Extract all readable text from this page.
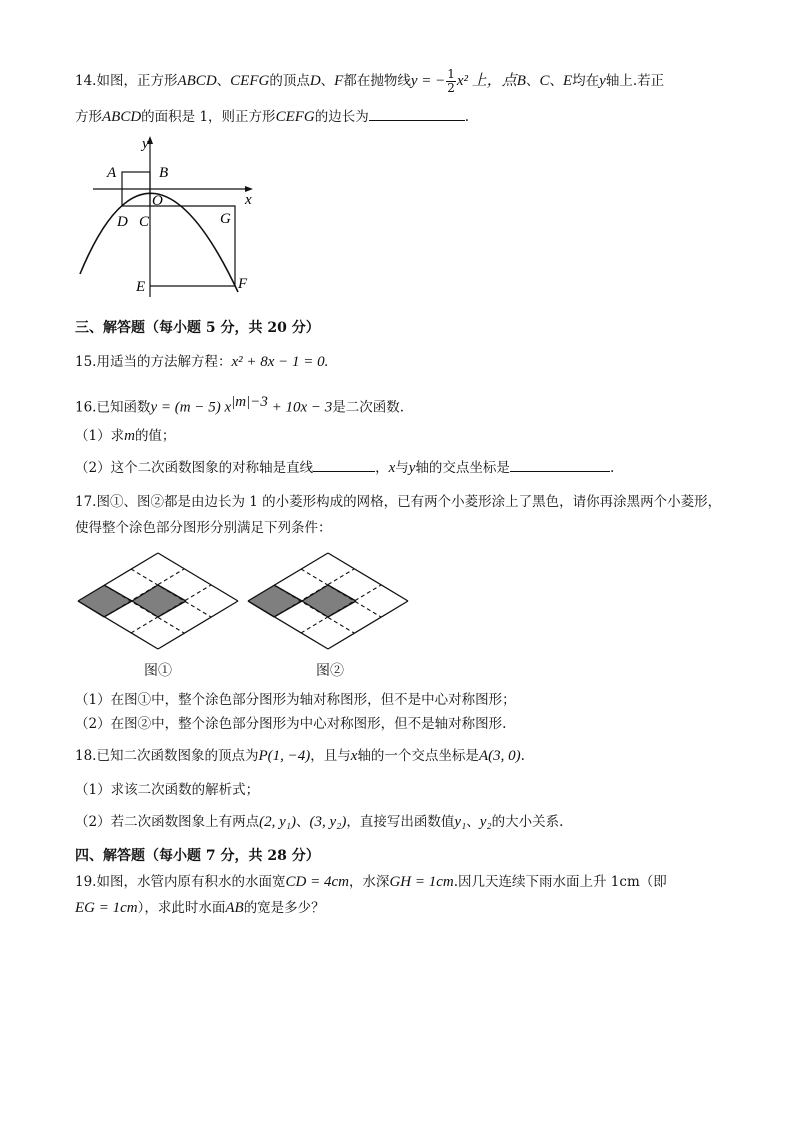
14.如图，正方形ABCD、CEFG的顶点D、F都在抛物线y = − $\frac{1}{2} x^2$ 上，点B、C、E均在y轴上.若正
方形ABCD的面积是 1，则正方形CEFG的边长为	.
y
x
A	B
O
D C	G
E	F
三、解答题（每小题 5 分，共 20 分）
15.用适当的方法解方程：x² + 8x − 1 = 0.
16.已知函数y = (m − 5) $x^{|m|-3} + 10x - 3$是二次函数.
（1）求m的值；
（2）这个二次函数图象的对称轴是直线	，x与y轴的交点坐标是	.
17.图①、图②都是由边长为 1 的小菱形构成的网格，已有两个小菱形涂上了黑色，请你再涂黑两个小菱形，
使得整个涂色部分图形分别满足下列条件：
图①	图②
（1）在图①中，整个涂色部分图形为轴对称图形，但不是中心对称图形；
（2）在图②中，整个涂色部分图形为中心对称图形，但不是轴对称图形.
18.已知二次函数图象的顶点为P(1, −4)，且与x轴的一个交点坐标是A(3, 0).
（1）求该二次函数的解析式；
（2）若二次函数图象上有两点(2, y₁)、(3, y₂)，直接写出函数值y₁、y₂的大小关系.
四、解答题（每小题 7 分，共 28 分）
19.如图，水管内原有积水的水面宽CD = 4cm，水深GH = 1cm.因几天连续下雨水面上升 1cm（即
EG = 1cm），求此时水面AB的宽是多少？
